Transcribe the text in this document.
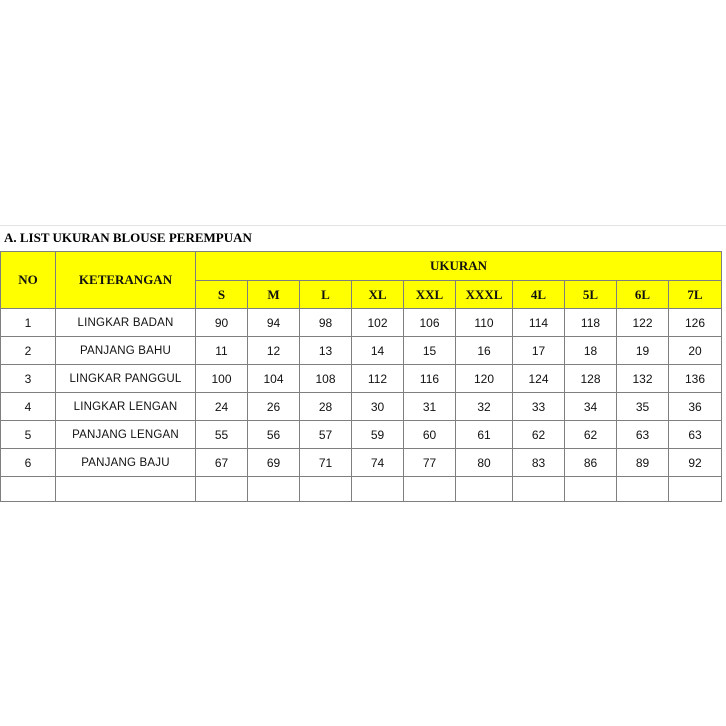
A. LIST UKURAN BLOUSE PEREMPUAN
NO	KETERANGAN	UKURAN									
		S	M	L	XL	XXL	XXXL	4L	5L	6L	7L
1	LINGKAR BADAN	90	94	98	102	106	110	114	118	122	126
2	PANJANG BAHU	11	12	13	14	15	16	17	18	19	20
3	LINGKAR PANGGUL	100	104	108	112	116	120	124	128	132	136
4	LINGKAR LENGAN	24	26	28	30	31	32	33	34	35	36
5	PANJANG LENGAN	55	56	57	59	60	61	62	62	63	63
6	PANJANG BAJU	67	69	71	74	77	80	83	86	89	92
